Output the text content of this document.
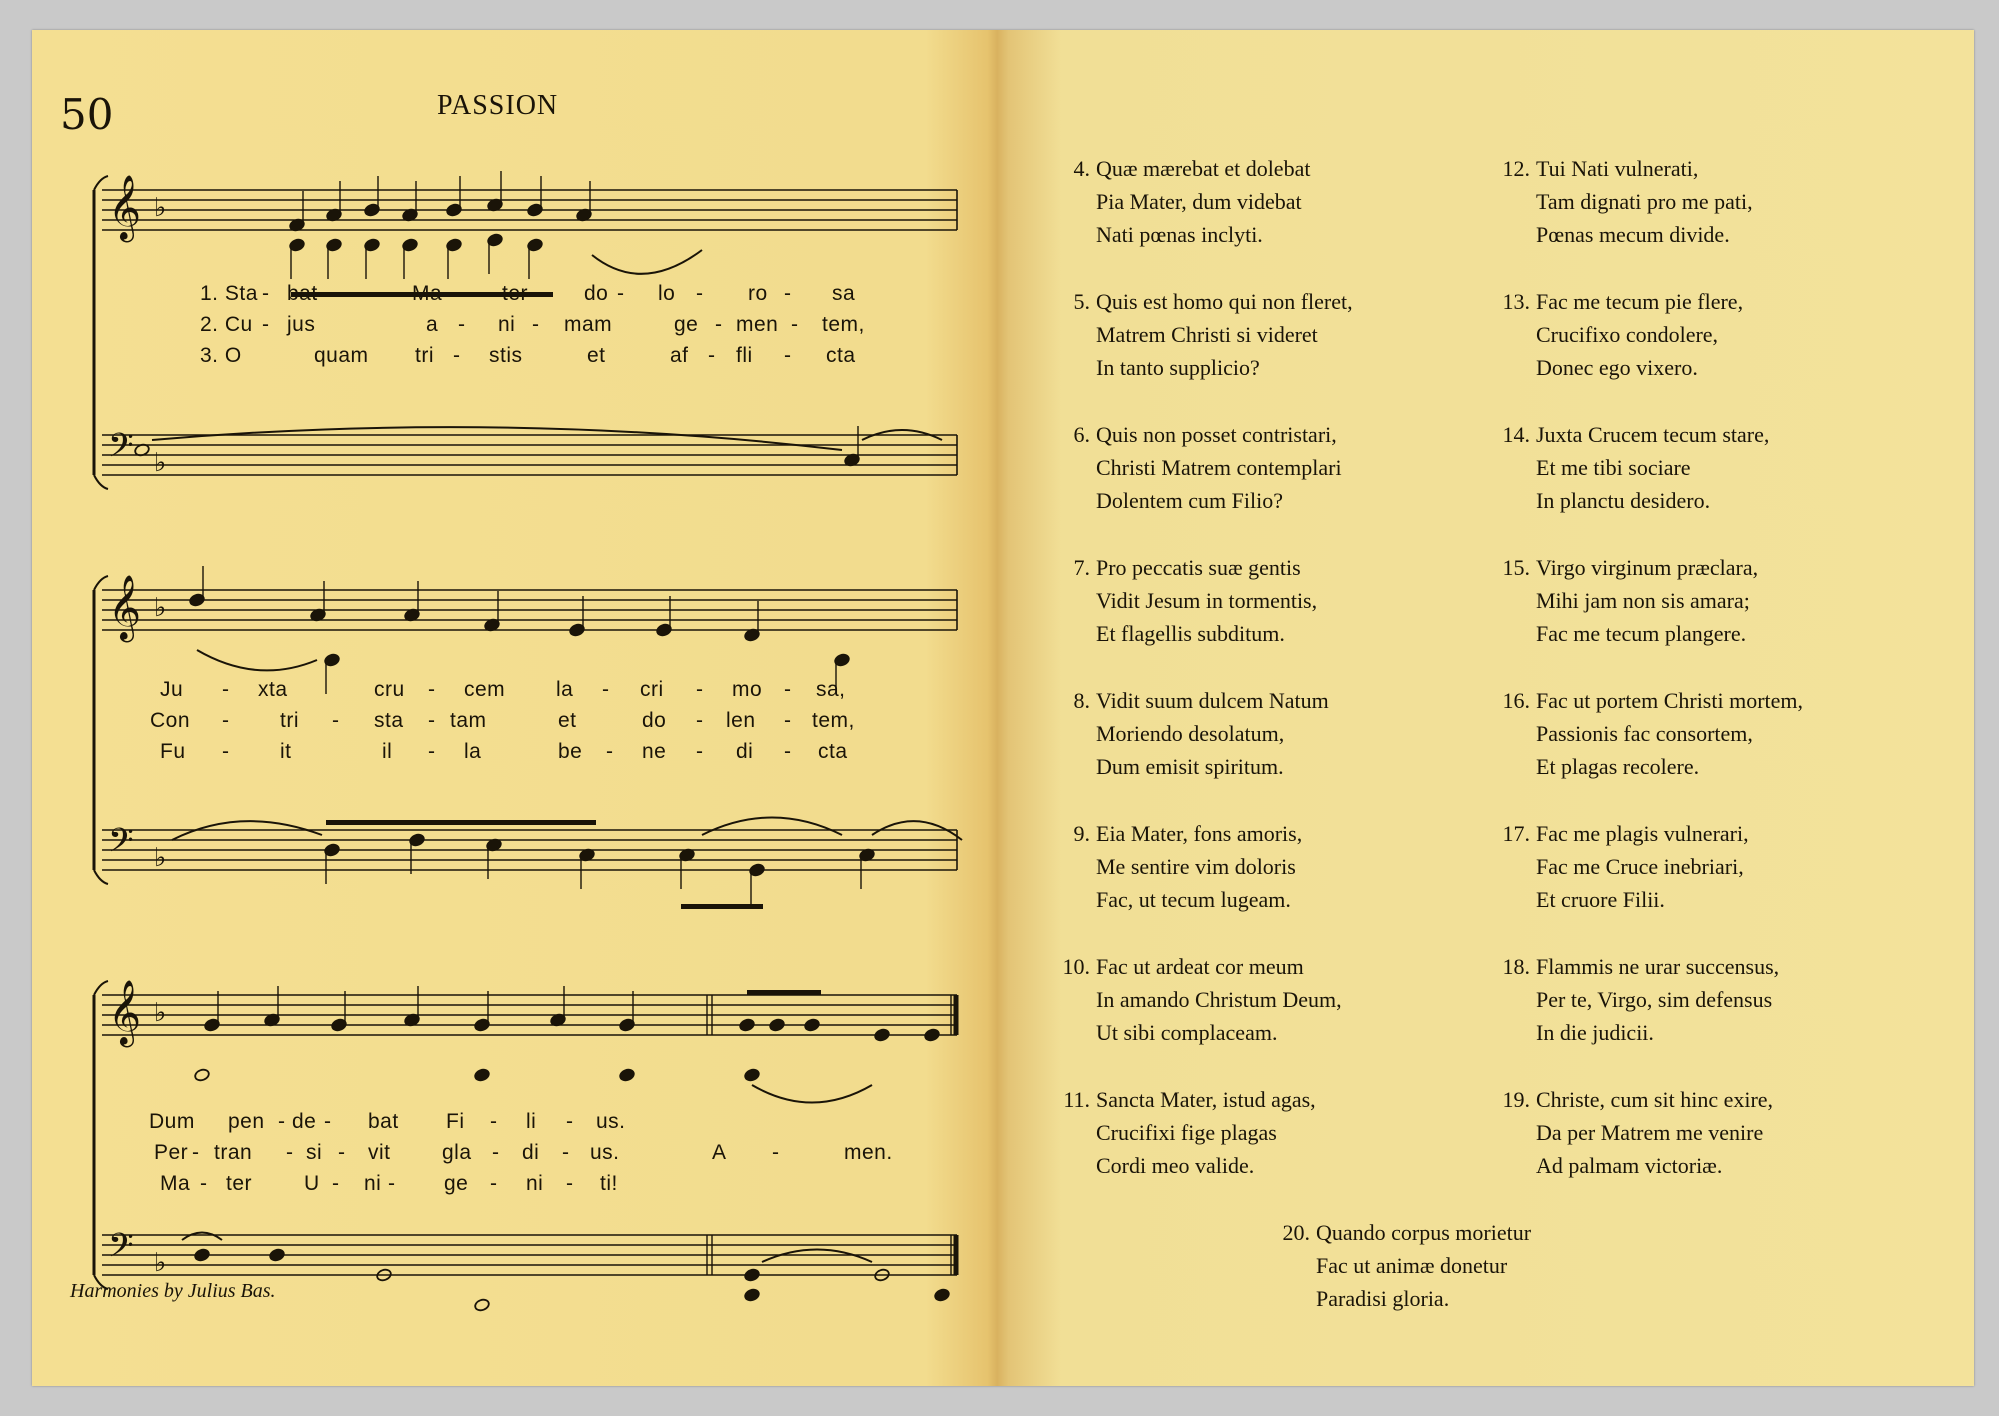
50	PASSION
𝄞 ♭
𝄢 ♭
𝄞 ♭
𝄢 ♭
𝄞 ♭
𝄢 ♭
1. Sta - bat	Ma - ter	do - lo - ro - sa
2. Cu - jus	a - ni - mam	ge - men - tem,
3. O	quam tri - stis	et	af - fli - cta
Ju - xta	cru - cem la - cri - mo - sa,
Con - tri - sta - tam	et	do - len - tem,
Fu - it	il - la	be - ne - di - cta
Dum pen - de - bat Fi - li - us.
Per - tran - si - vit gla - di - us.	A -	men.
Ma - ter U - ni - ge - ni - ti!
Harmonies by Julius Bas.
4. Quæ mærebat et dolebat
Pia Mater, dum videbat
Nati pœnas inclyti.
5. Quis est homo qui non fleret,
Matrem Christi si videret
In tanto supplicio?
6. Quis non posset contristari,
Christi Matrem contemplari
Dolentem cum Filio?
7. Pro peccatis suæ gentis
Vidit Jesum in tormentis,
Et flagellis subditum.
8. Vidit suum dulcem Natum
Moriendo desolatum,
Dum emisit spiritum.
9. Eia Mater, fons amoris,
Me sentire vim doloris
Fac, ut tecum lugeam.
10. Fac ut ardeat cor meum
In amando Christum Deum,
Ut sibi complaceam.
11. Sancta Mater, istud agas,
Crucifixi fige plagas
Cordi meo valide.
12. Tui Nati vulnerati,
Tam dignati pro me pati,
Pœnas mecum divide.
13. Fac me tecum pie flere,
Crucifixo condolere,
Donec ego vixero.
14. Juxta Crucem tecum stare,
Et me tibi sociare
In planctu desidero.
15. Virgo virginum præclara,
Mihi jam non sis amara;
Fac me tecum plangere.
16. Fac ut portem Christi mortem,
Passionis fac consortem,
Et plagas recolere.
17. Fac me plagis vulnerari,
Fac me Cruce inebriari,
Et cruore Filii.
18. Flammis ne urar succensus,
Per te, Virgo, sim defensus
In die judicii.
19. Christe, cum sit hinc exire,
Da per Matrem me venire
Ad palmam victoriæ.
20. Quando corpus morietur
Fac ut animæ donetur
Paradisi gloria.
